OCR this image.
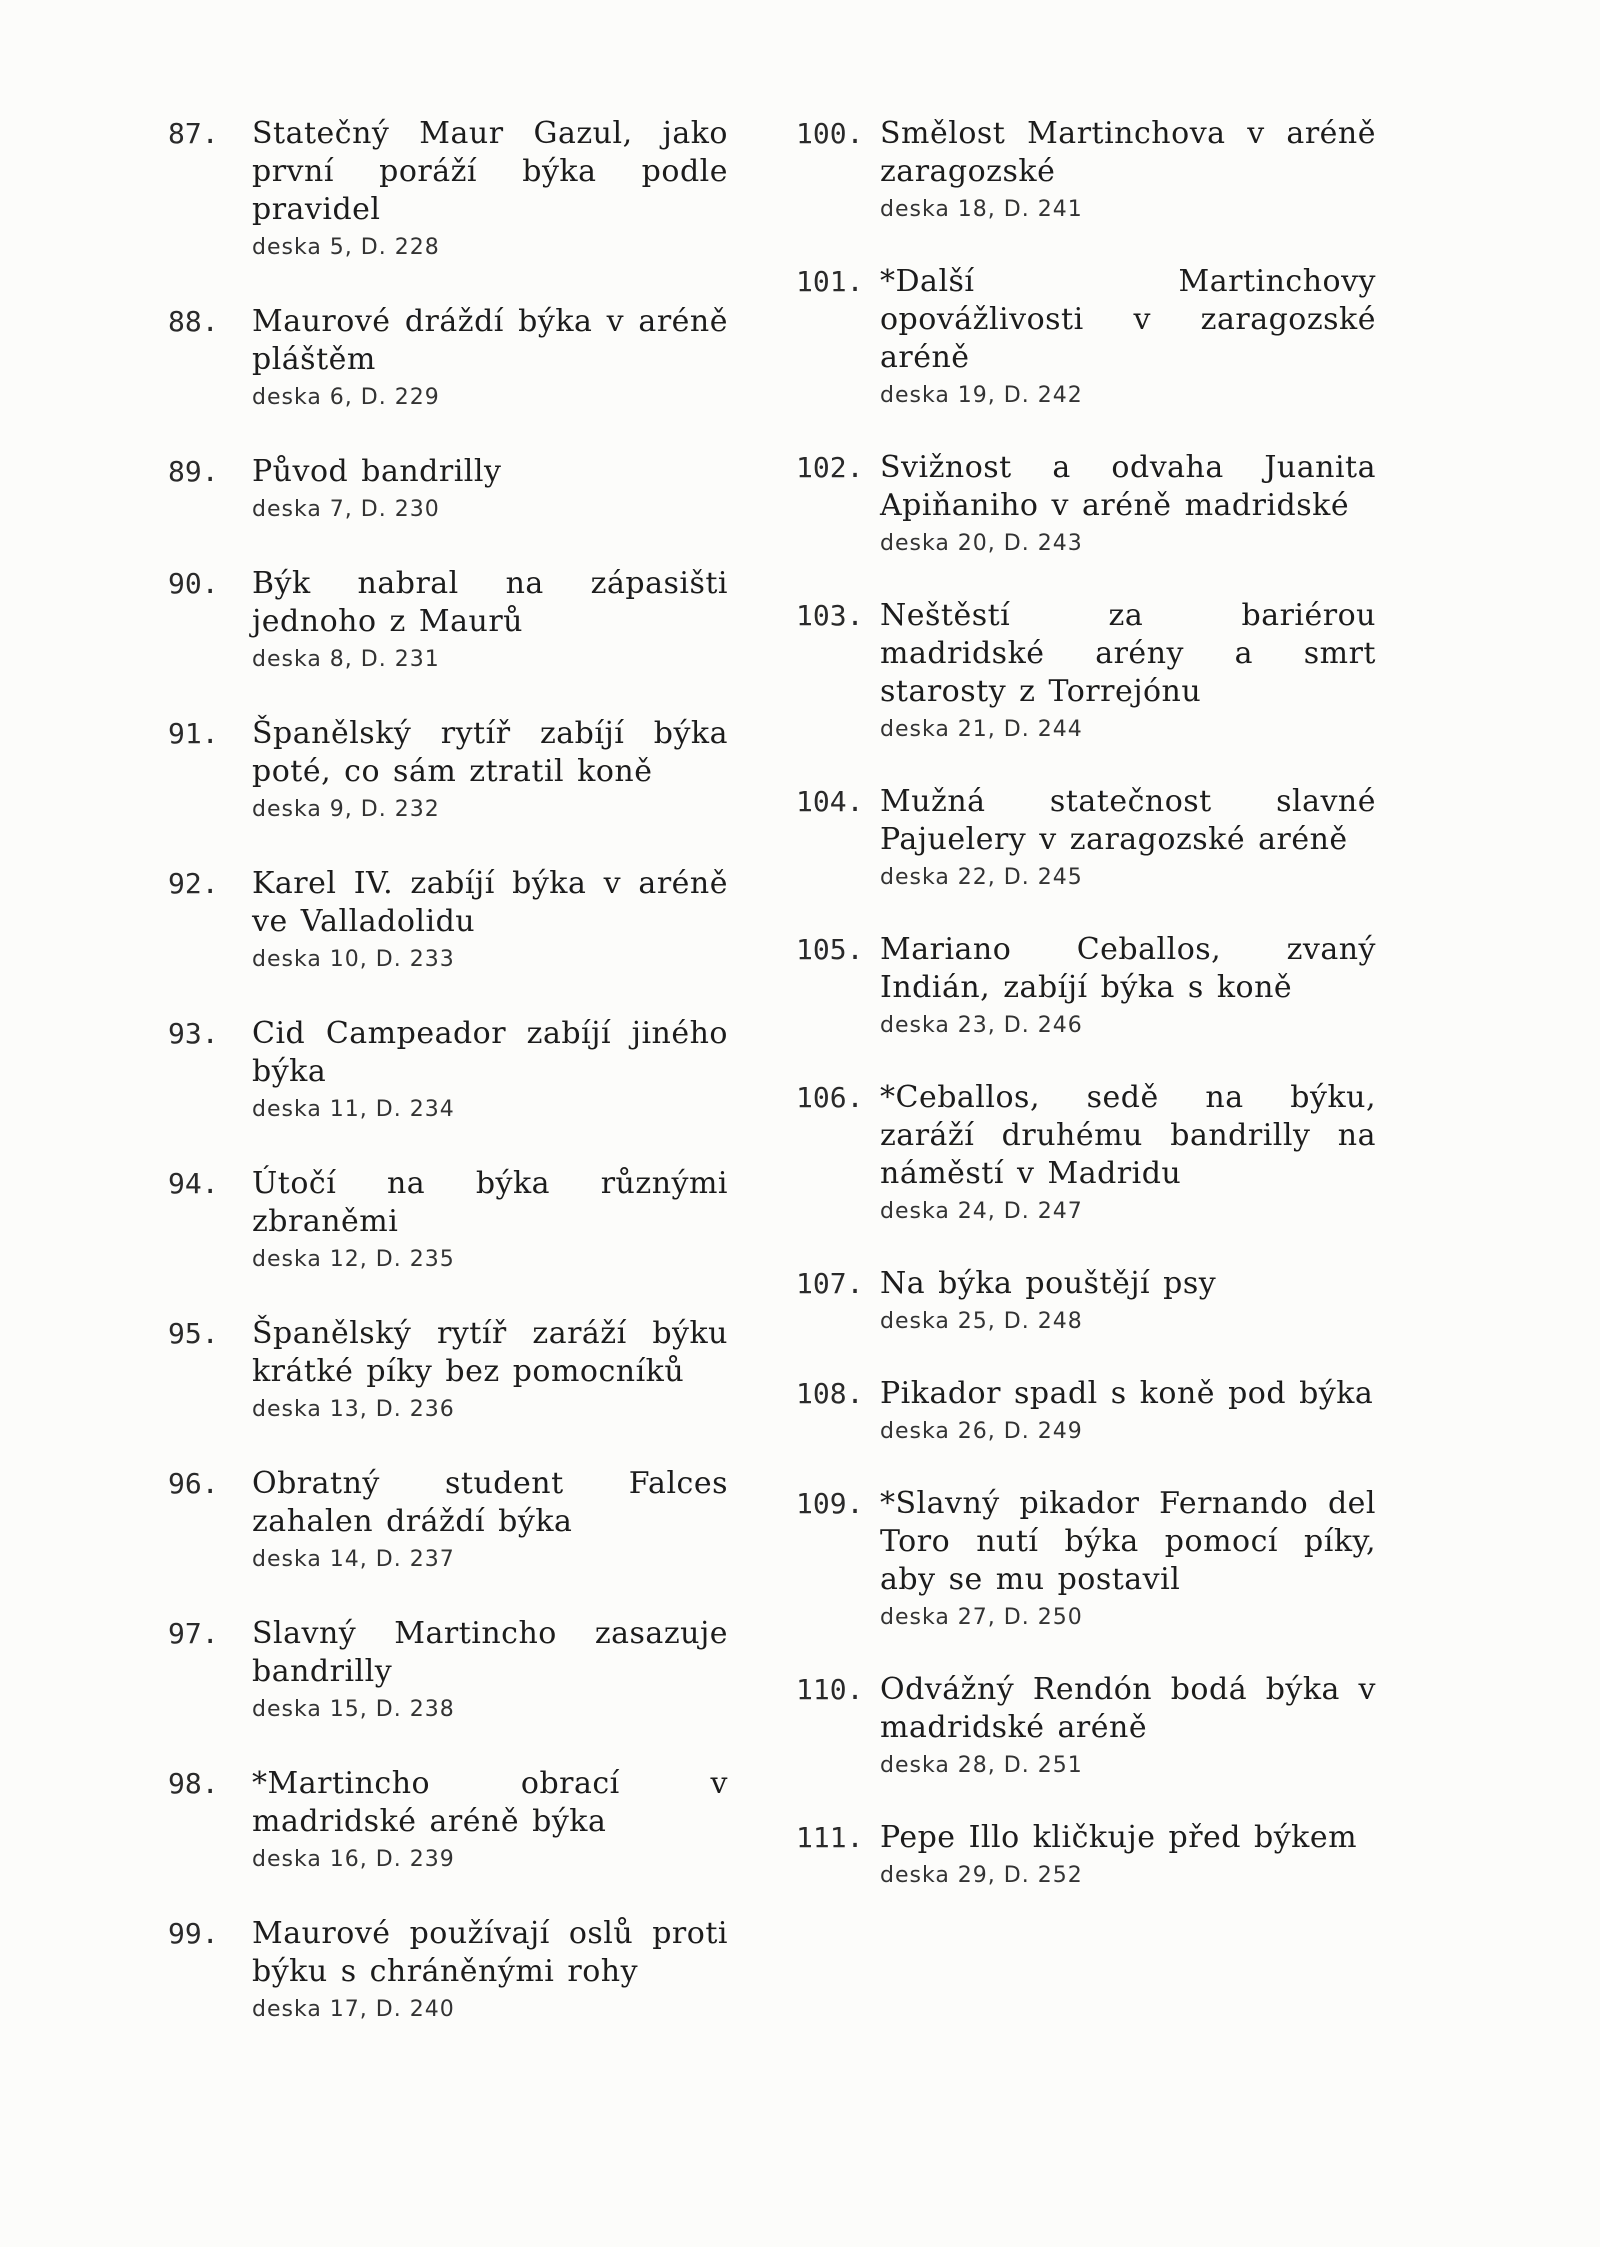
87. Statečný Maur Gazul, jako první poráží býka podle pravidel
deska 5, D. 228
88. Maurové dráždí býka v aréně pláštěm
deska 6, D. 229
89. Původ bandrilly
deska 7, D. 230
90. Býk nabral na zápasišti jednoho z Maurů
deska 8, D. 231
91. Španělský rytíř zabíjí býka poté, co sám ztratil koně
deska 9, D. 232
92. Karel IV. zabíjí býka v aréně ve Valladolidu
deska 10, D. 233
93. Cid Campeador zabíjí jiného býka
deska 11, D. 234
94. Útočí na býka různými zbraněmi
deska 12, D. 235
95. Španělský rytíř zaráží býku krátké píky bez pomocníků
deska 13, D. 236
96. Obratný student Falces zahalen dráždí býka
deska 14, D. 237
97. Slavný Martincho zasazuje bandrilly
deska 15, D. 238
98. *Martincho obrací v madridské aréně býka
deska 16, D. 239
99. Maurové používají oslů proti býku s chráněnými rohy
deska 17, D. 240
100. Smělost Martinchova v aréně zaragozské
deska 18, D. 241
101. *Další Martinchovy opovážlivosti v zaragozské aréně
deska 19, D. 242
102. Svižnost a odvaha Juanita Apiňaniho v aréně madridské
deska 20, D. 243
103. Neštěstí za bariérou madridské arény a smrt starosty z Torrejónu
deska 21, D. 244
104. Mužná statečnost slavné Pajuelery v zaragozské aréně
deska 22, D. 245
105. Mariano Ceballos, zvaný Indián, zabíjí býka s koně
deska 23, D. 246
106. *Ceballos, sedě na býku, zaráží druhému bandrilly na náměstí v Madridu
deska 24, D. 247
107. Na býka pouštějí psy
deska 25, D. 248
108. Pikador spadl s koně pod býka
deska 26, D. 249
109. *Slavný pikador Fernando del Toro nutí býka pomocí píky, aby se mu postavil
deska 27, D. 250
110. Odvážný Rendón bodá býka v madridské aréně
deska 28, D. 251
111. Pepe Illo kličkuje před býkem
deska 29, D. 252
